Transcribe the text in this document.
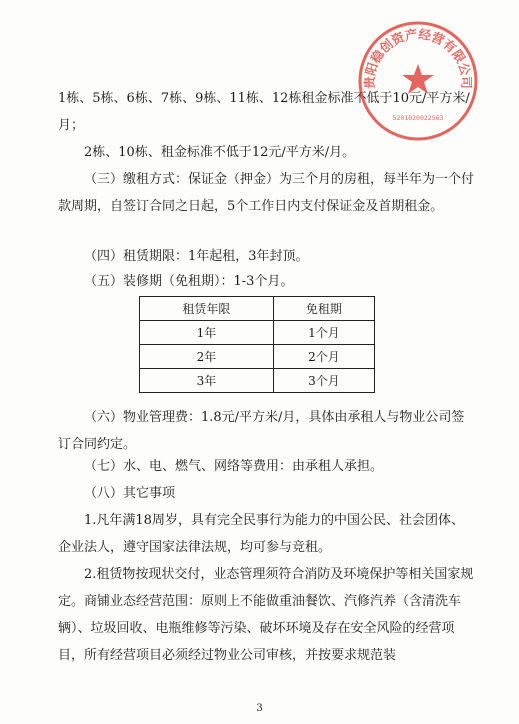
1栋、5栋、6栋、7栋、9栋、11栋、12栋租金标准不低于10元/平方米/月；

2栋、10栋、租金标准不低于12元/平方米/月。

（三）缴租方式：保证金（押金）为三个月的房租，每半年为一个付款周期，自签订合同之日起，5个工作日内支付保证金及首期租金。

（四）租赁期限：1年起租，3年封顶。

（五）装修期（免租期）：1-3个月。

租赁年限	免租期
1年	1个月
2年	2个月
3年	3个月

（六）物业管理费：1.8元/平方米/月，具体由承租人与物业公司签订合同约定。

（七）水、电、燃气、网络等费用：由承租人承担。

（八）其它事项

1.凡年满18周岁，具有完全民事行为能力的中国公民、社会团体、企业法人，遵守国家法律法规，均可参与竞租。

2.租赁物按现状交付，业态管理须符合消防及环境保护等相关国家规定。商铺业态经营范围：原则上不能做重油餐饮、汽修汽养（含清洗车辆）、垃圾回收、电瓶维修等污染、破坏环境及存在安全风险的经营项目，所有经营项目必须经过物业公司审核，并按要求规范装

3
贵阳稳创资产经营有限公司
5201020022563
